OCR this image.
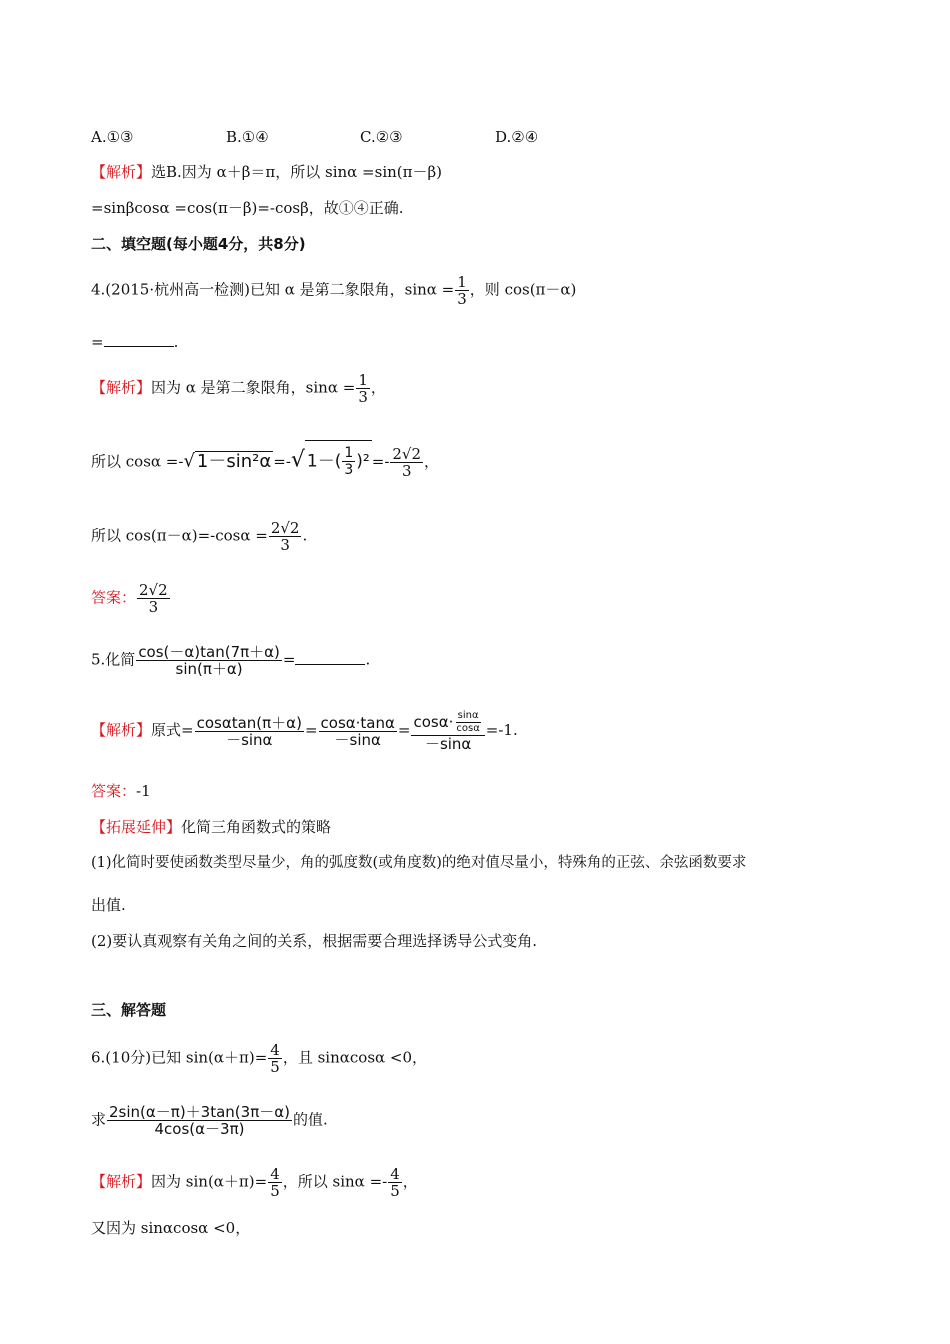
A.①③	B.①④	C.②③	D.②④
【解析】选B.因为 α＋β＝π，所以 sinα =sin(π－β)
=sinβcosα =cos(π－β)=-cosβ，故①④正确.
二、填空题(每小题4分，共8分)
4.(2015·杭州高一检测)已知 α 是第二象限角，$\sin\alpha = \frac{1}{3}$ ，则 cos(π－α)
=	.
【解析】因为 α 是第二象限角，$\sin\alpha = \frac{1}{3}$ ，
所以 cosα =-√ 1－sin²α =-√ $1-( \frac{1}{3} )^2 =- \frac{2√2}{3}$ ，
所以 $\cos(\pi-\alpha)=-\cos\alpha = \frac{2√2}{3}$ .
答案： $\frac{2√2}{3}$
5.化简 $\frac{\cos(-\alpha)\tan(7\pi+\alpha)}{\sin(\pi+\alpha)}$ =	.
【解析】原式= $\frac{\cos\alpha\tan(\pi+\alpha)}{-\sin\alpha} = \frac{\cos\alpha\cdot\tan\alpha}{-\sin\alpha} = \frac{\cos\alpha\cdot \frac{\sin\alpha}{\cos\alpha}}{-\sin\alpha} =-1$.
答案：-1
【拓展延伸】化简三角函数式的策略
(1)化简时要使函数类型尽量少，角的弧度数(或角度数)的绝对值尽量小，特殊角的正弦、余弦函数要求
出值.
(2)要认真观察有关角之间的关系，根据需要合理选择诱导公式变角.
三、解答题
6.(10分)已知 $\sin(\alpha+\pi)= \frac{4}{5}$ ，且 sinαcosα <0，
求 $\frac{2\sin(\alpha-\pi)+3\tan(3\pi-\alpha)}{4\cos(\alpha-3\pi)}$ 的值.
【解析】因为 $\sin(\alpha+\pi)= \frac{4}{5}$ ，所以 $\sin\alpha =- \frac{4}{5}$ ，
又因为 sinαcosα <0，
